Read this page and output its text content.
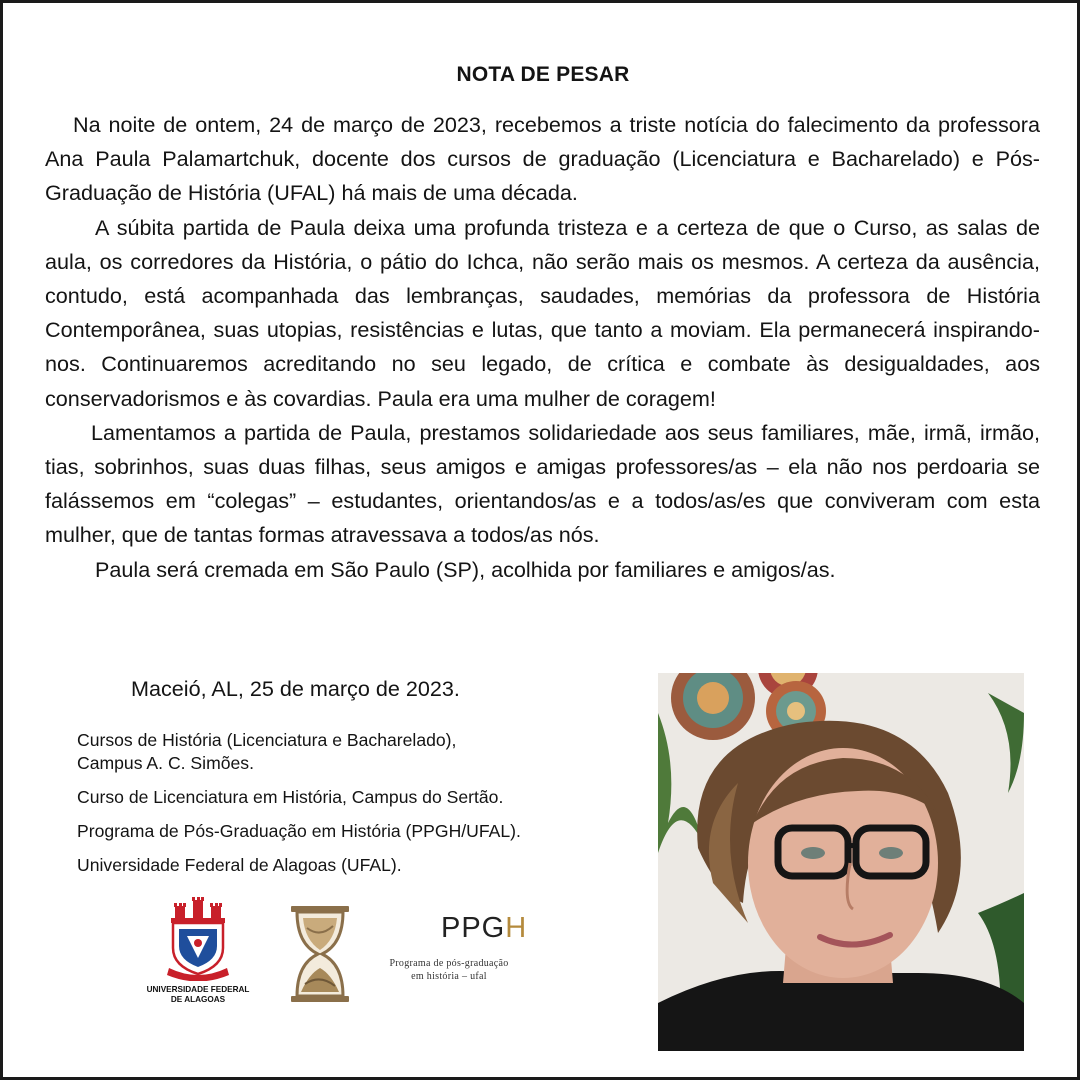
NOTA DE PESAR

Na noite de ontem, 24 de março de 2023, recebemos a triste notícia do falecimento da professora Ana Paula Palamartchuk, docente dos cursos de graduação (Licenciatura e Bacharelado) e Pós-Graduação de História (UFAL) há mais de uma década.

A súbita partida de Paula deixa uma profunda tristeza e a certeza de que o Curso, as salas de aula, os corredores da História, o pátio do Ichca, não serão mais os mesmos. A certeza da ausência, contudo, está acompanhada das lembranças, saudades, memórias da professora de História Contemporânea, suas utopias, resistências e lutas, que tanto a moviam. Ela permanecerá inspirando-nos. Continuaremos acreditando no seu legado, de crítica e combate às desigualdades, aos conservadorismos e às covardias. Paula era uma mulher de coragem!

Lamentamos a partida de Paula, prestamos solidariedade aos seus familiares, mãe, irmã, irmão, tias, sobrinhos, suas duas filhas, seus amigos e amigas professores/as – ela não nos perdoaria se falássemos em “colegas” – estudantes, orientandos/as e a todos/as/es que conviveram com esta mulher, que de tantas formas atravessava a todos/as nós.

Paula será cremada em São Paulo (SP), acolhida por familiares e amigos/as.

Maceió, AL, 25 de março de 2023.
Cursos de História (Licenciatura e Bacharelado),
Campus A. C. Simões.
Curso de Licenciatura em História, Campus do Sertão.
Programa de Pós-Graduação em História (PPGH/UFAL).
Universidade Federal de Alagoas (UFAL).
UNIVERSIDADE FEDERAL
DE ALAGOAS
PPGH
Programa de pós-graduação
em história – ufal
